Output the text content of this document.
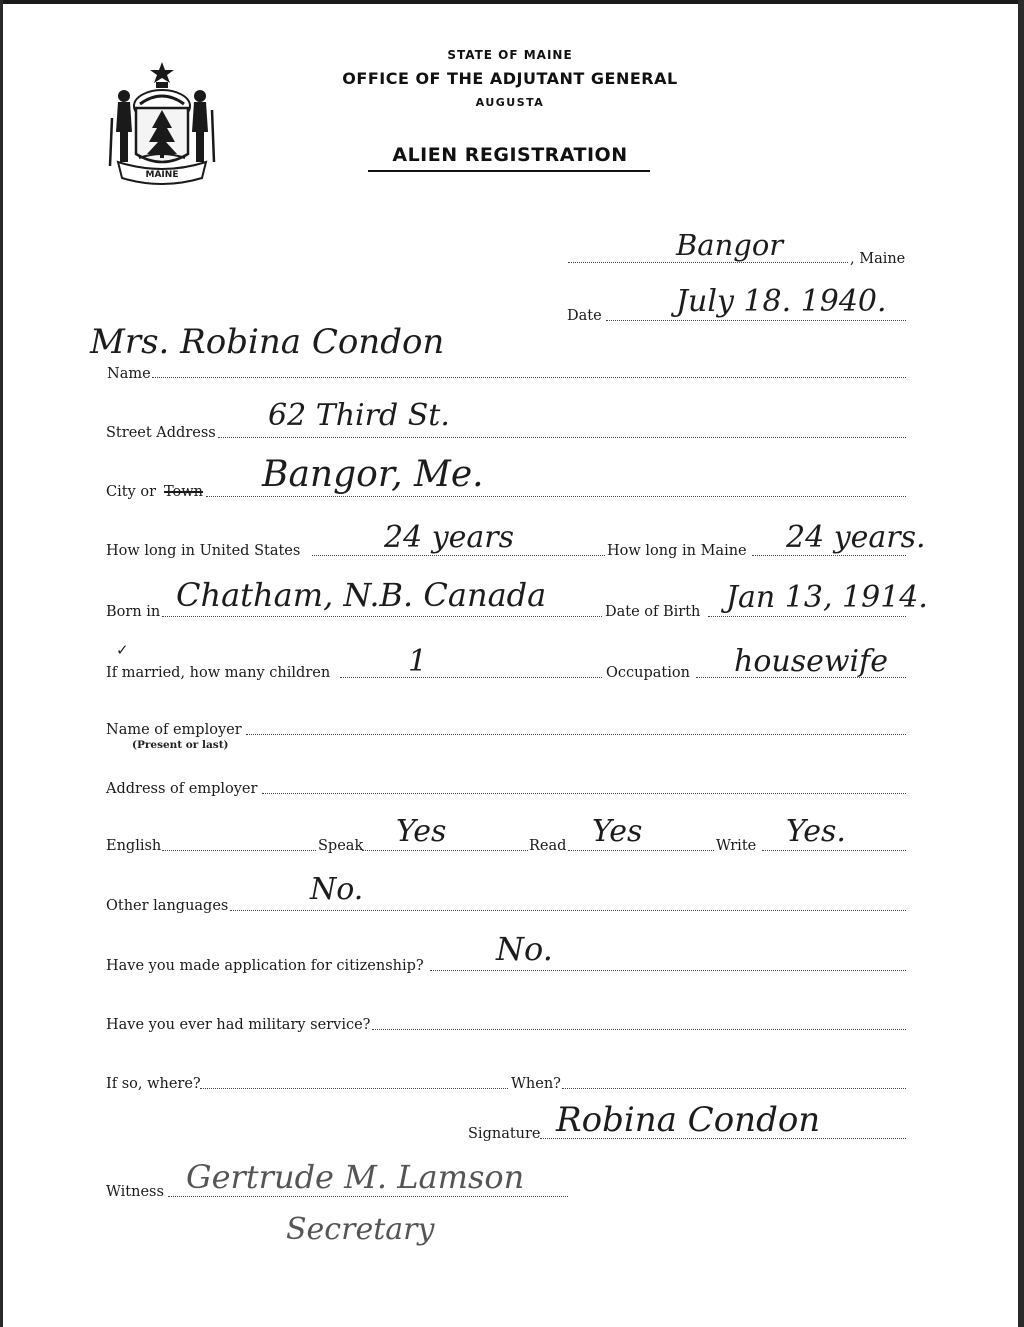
MAINE
STATE OF MAINE
OFFICE OF THE ADJUTANT GENERAL
AUGUSTA
ALIEN REGISTRATION
Bangor	, Maine
Date July 18. 1940.
Name
Mrs. Robina Condon
Street Address 62 Third St.
City or Town Bangor, Me.
How long in United States	24 years	How long in Maine 24 years.
Born in Chatham, N.B. Canada	Date of Birth Jan 13, 1914.
✓
If married, how many children	1	Occupation housewife
Name of employer
(Present or last)
Address of employer
English	Speak Yes	Read Yes	Write Yes.
Other languages	No.
Have you made application for citizenship? No.
Have you ever had military service?
If so, where?	When?
Signature Robina Condon
Witness Gertrude M. Lamson
Secretary
